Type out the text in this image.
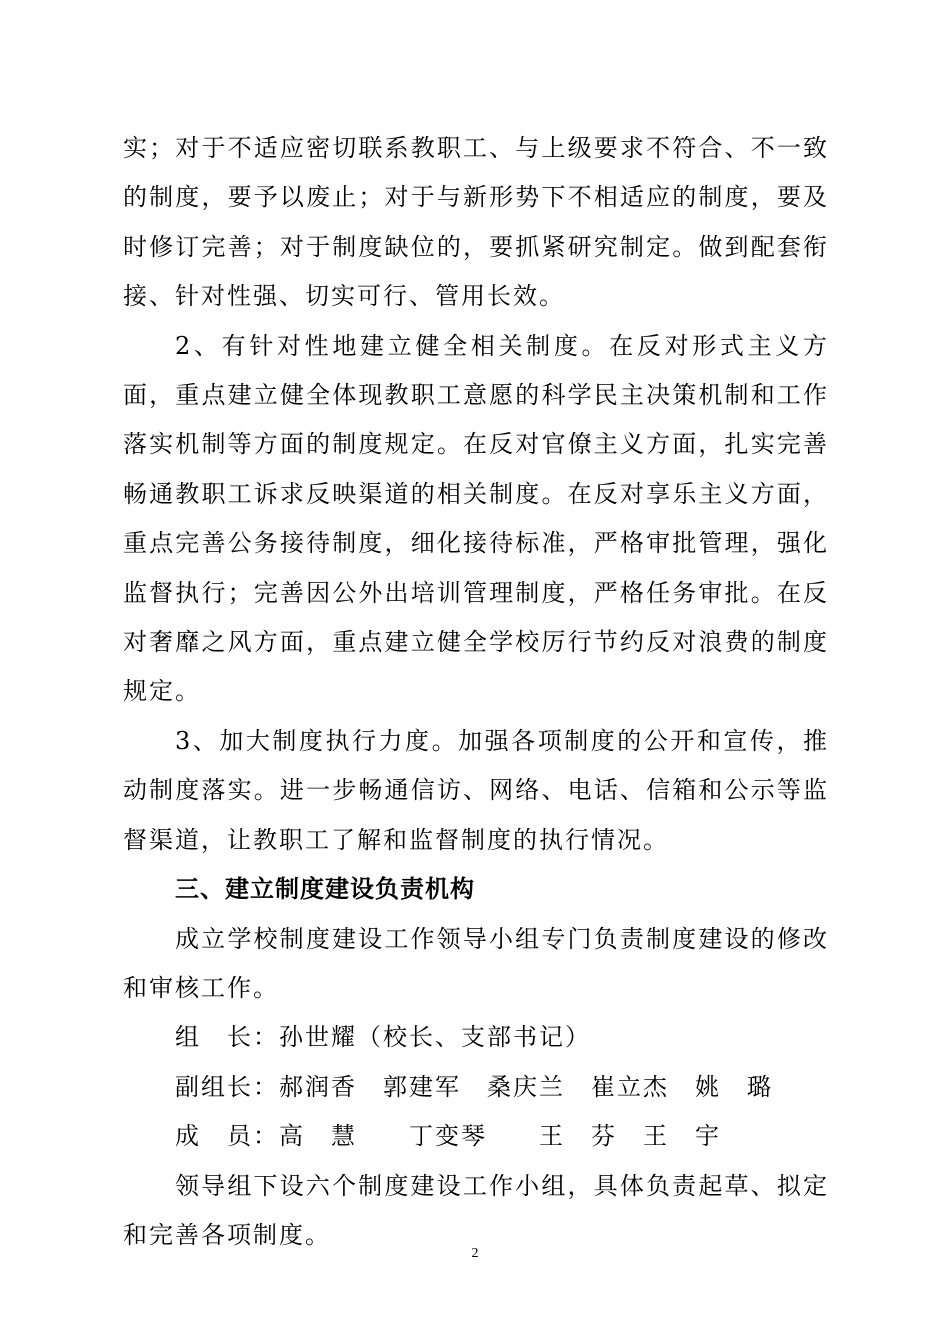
实；对于不适应密切联系教职工、与上级要求不符合、不一致的制度，要予以废止；对于与新形势下不相适应的制度，要及时修订完善；对于制度缺位的，要抓紧研究制定。做到配套衔接、针对性强、切实可行、管用长效。

2、有针对性地建立健全相关制度。在反对形式主义方面，重点建立健全体现教职工意愿的科学民主决策机制和工作落实机制等方面的制度规定。在反对官僚主义方面，扎实完善畅通教职工诉求反映渠道的相关制度。在反对享乐主义方面，重点完善公务接待制度，细化接待标准，严格审批管理，强化监督执行；完善因公外出培训管理制度，严格任务审批。在反对奢靡之风方面，重点建立健全学校厉行节约反对浪费的制度规定。

3、加大制度执行力度。加强各项制度的公开和宣传，推动制度落实。进一步畅通信访、网络、电话、信箱和公示等监督渠道，让教职工了解和监督制度的执行情况。

三、建立制度建设负责机构

成立学校制度建设工作领导小组专门负责制度建设的修改和审核工作。

组　长：孙世耀（校长、支部书记）

副组长：郝润香　郭建军　桑庆兰　崔立杰　姚　璐

成　员：高　慧　　丁变琴　　王　芬　王　宇

领导组下设六个制度建设工作小组，具体负责起草、拟定和完善各项制度。

2
